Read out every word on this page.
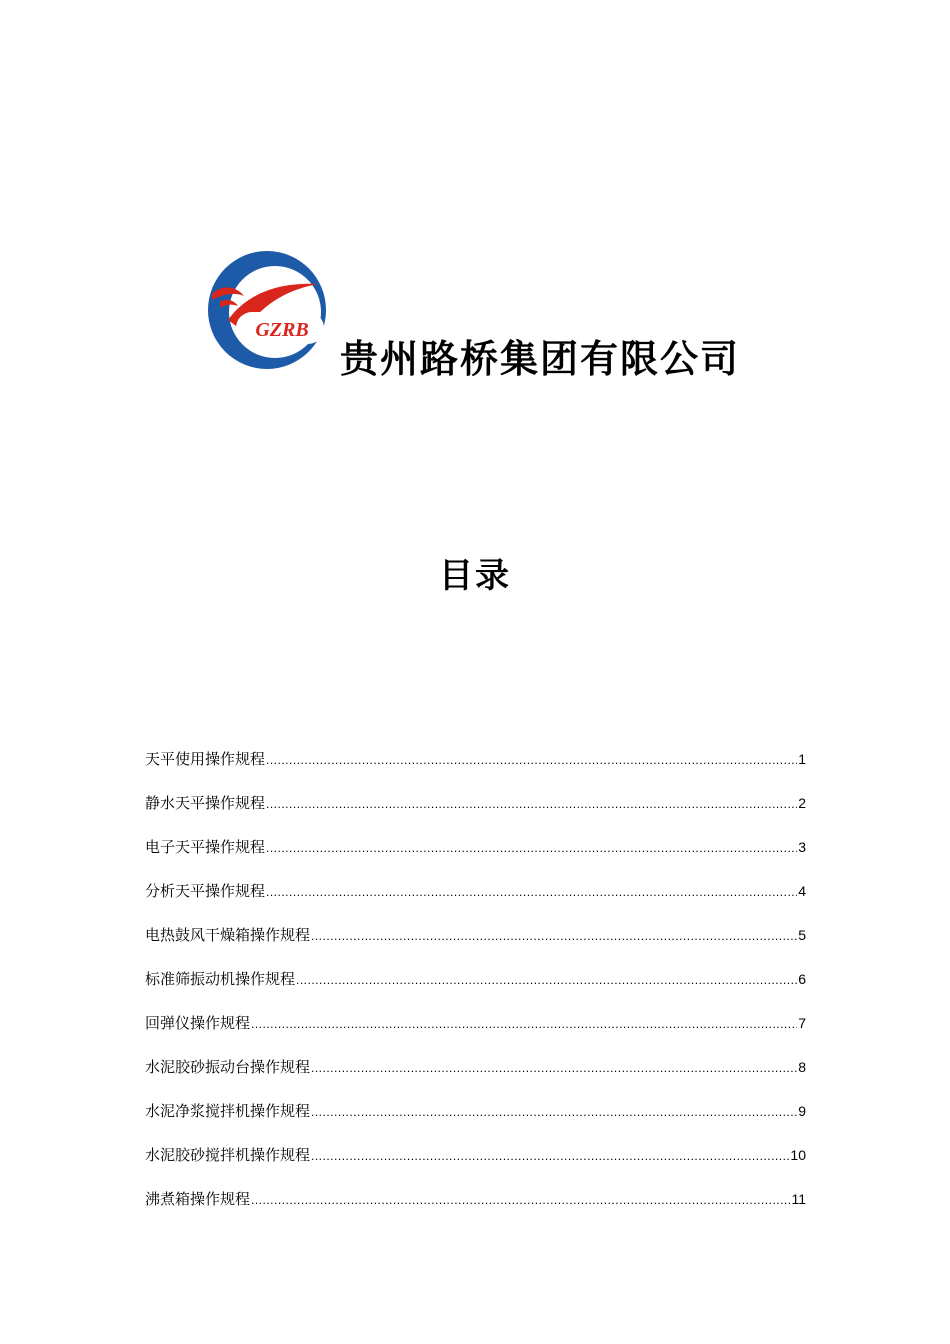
GZRB
贵州路桥集团有限公司
目录
天平使用操作规程 .....	1
静水天平操作规程 .....	2
电子天平操作规程 .....	3
分析天平操作规程 .....	4
电热鼓风干燥箱操作规程 .....	5
标准筛振动机操作规程 .....	6
回弹仪操作规程 .....	7
水泥胶砂振动台操作规程 .....	8
水泥净浆搅拌机操作规程 .....	9
水泥胶砂搅拌机操作规程 .....	10
沸煮箱操作规程 .....	11
